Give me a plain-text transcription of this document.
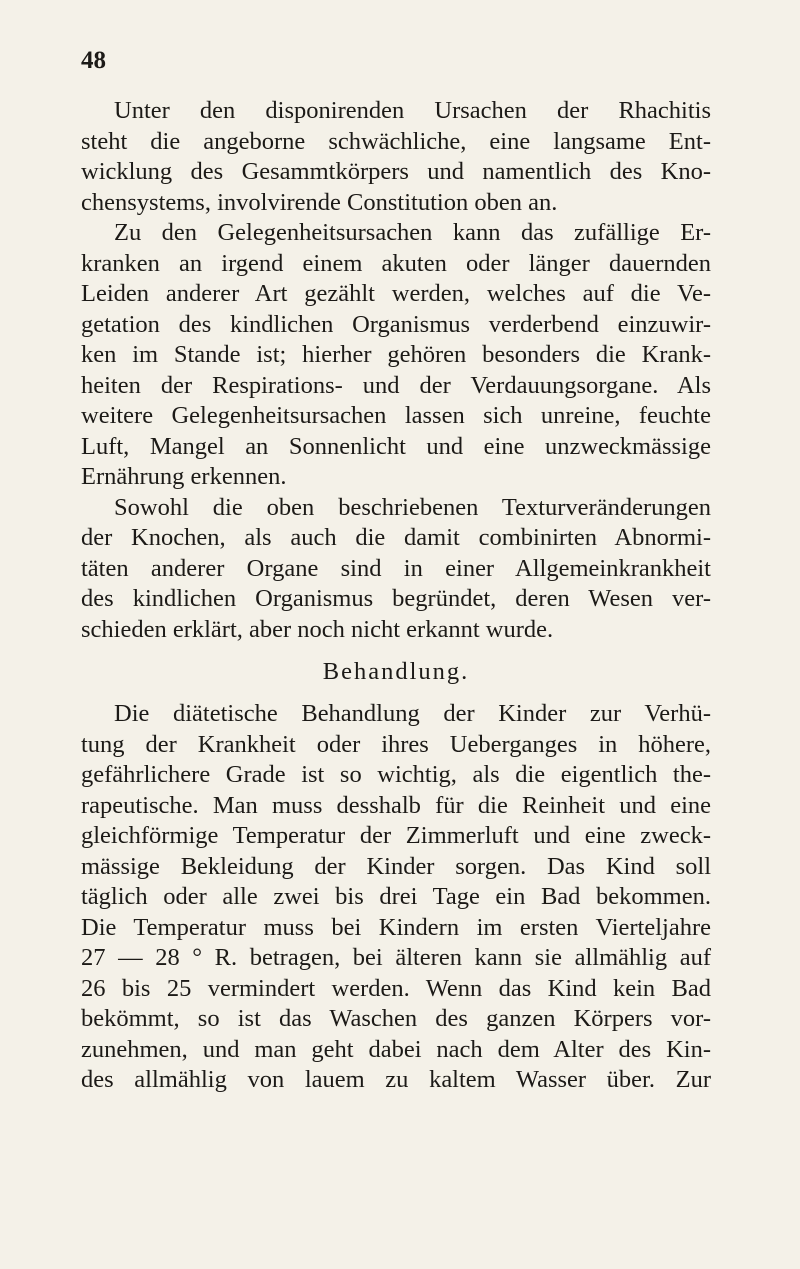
48
Unter den disponirenden Ursachen der Rhachitis
steht die angeborne schwächliche, eine langsame Ent-
wicklung des Gesammtkörpers und namentlich des Kno-
chensystems, involvirende Constitution oben an.
Zu den Gelegenheitsursachen kann das zufällige Er-
kranken an irgend einem akuten oder länger dauernden
Leiden anderer Art gezählt werden, welches auf die Ve-
getation des kindlichen Organismus verderbend einzuwir-
ken im Stande ist; hierher gehören besonders die Krank-
heiten der Respirations- und der Verdauungsorgane. Als
weitere Gelegenheitsursachen lassen sich unreine, feuchte
Luft, Mangel an Sonnenlicht und eine unzweckmässige
Ernährung erkennen.
Sowohl die oben beschriebenen Texturveränderungen
der Knochen, als auch die damit combinirten Abnormi-
täten anderer Organe sind in einer Allgemeinkrankheit
des kindlichen Organismus begründet, deren Wesen ver-
schieden erklärt, aber noch nicht erkannt wurde.
Behandlung.
Die diätetische Behandlung der Kinder zur Verhü-
tung der Krankheit oder ihres Ueberganges in höhere,
gefährlichere Grade ist so wichtig, als die eigentlich the-
rapeutische. Man muss desshalb für die Reinheit und eine
gleichförmige Temperatur der Zimmerluft und eine zweck-
mässige Bekleidung der Kinder sorgen. Das Kind soll
täglich oder alle zwei bis drei Tage ein Bad bekommen.
Die Temperatur muss bei Kindern im ersten Vierteljahre
27 — 28 ° R. betragen, bei älteren kann sie allmählig auf
26 bis 25 vermindert werden. Wenn das Kind kein Bad
bekömmt, so ist das Waschen des ganzen Körpers vor-
zunehmen, und man geht dabei nach dem Alter des Kin-
des allmählig von lauem zu kaltem Wasser über. Zur
